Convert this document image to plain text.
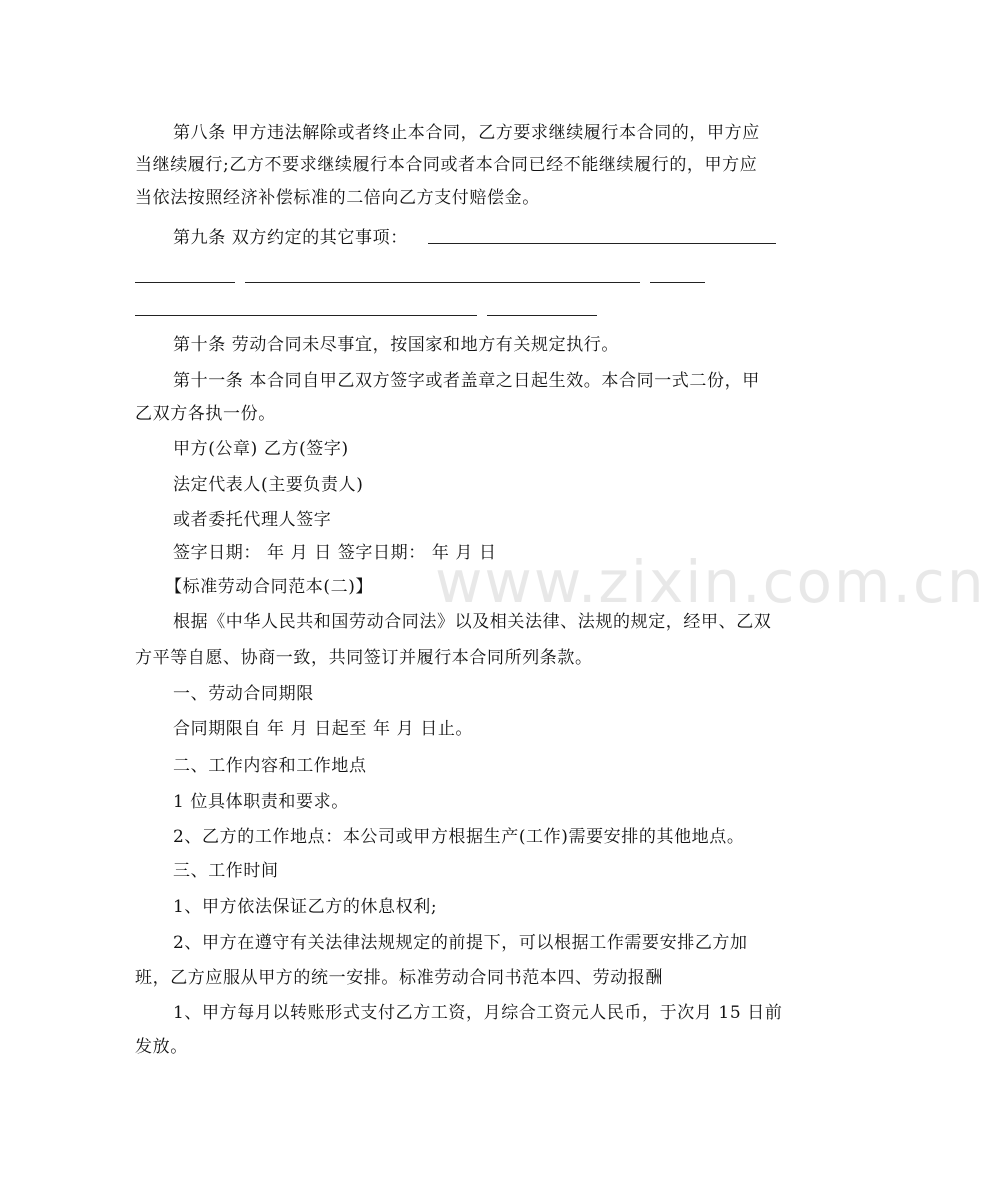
www.zixin.com.cn
第八条 甲方违法解除或者终止本合同，乙方要求继续履行本合同的，甲方应
当继续履行;乙方不要求继续履行本合同或者本合同已经不能继续履行的，甲方应
当依法按照经济补偿标准的二倍向乙方支付赔偿金。
第九条 双方约定的其它事项：
第十条 劳动合同未尽事宜，按国家和地方有关规定执行。
第十一条 本合同自甲乙双方签字或者盖章之日起生效。本合同一式二份，甲
乙双方各执一份。
甲方(公章) 乙方(签字)
法定代表人(主要负责人)
或者委托代理人签字
签字日期： 年 月 日 签字日期： 年 月 日
【标准劳动合同范本(二)】
根据《中华人民共和国劳动合同法》以及相关法律、法规的规定，经甲、乙双
方平等自愿、协商一致，共同签订并履行本合同所列条款。
一、劳动合同期限
合同期限自 年 月 日起至 年 月 日止。
二、工作内容和工作地点
1 位具体职责和要求。
2、乙方的工作地点：本公司或甲方根据生产(工作)需要安排的其他地点。
三、工作时间
1、甲方依法保证乙方的休息权利;
2、甲方在遵守有关法律法规规定的前提下，可以根据工作需要安排乙方加
班，乙方应服从甲方的统一安排。标准劳动合同书范本四、劳动报酬
1、甲方每月以转账形式支付乙方工资，月综合工资元人民币，于次月 15 日前
发放。
